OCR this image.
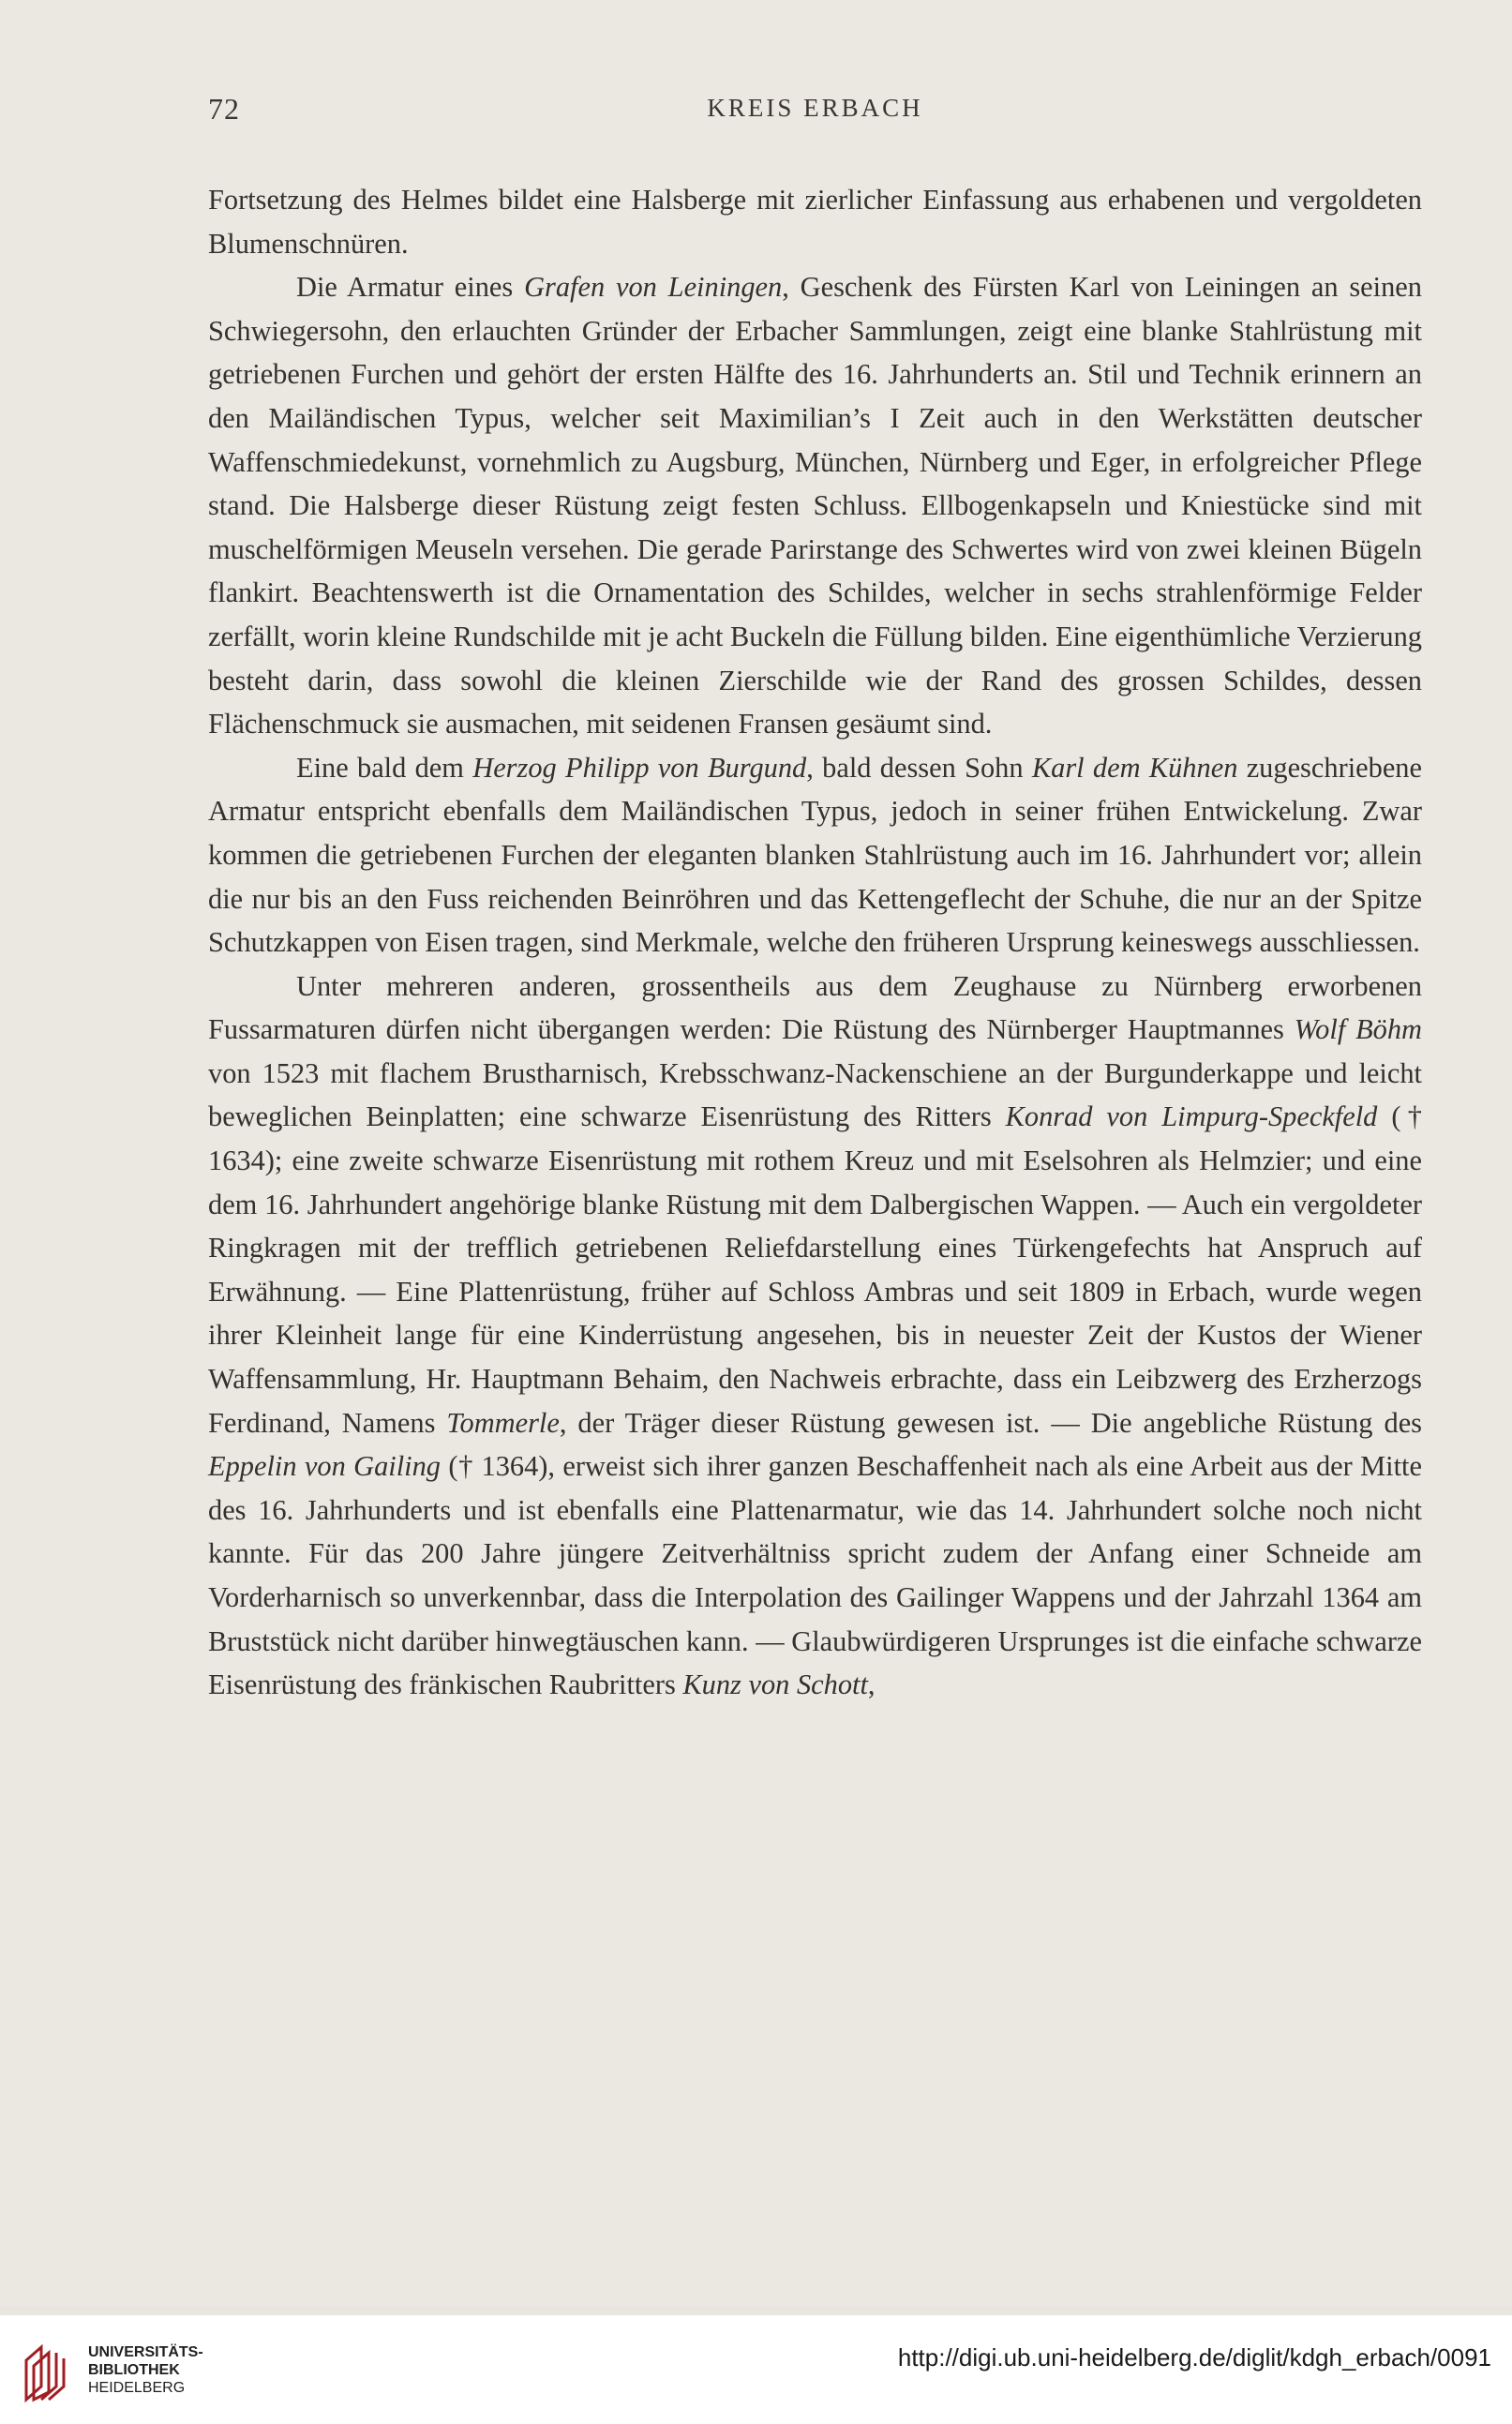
72	KREIS ERBACH

Fortsetzung des Helmes bildet eine Halsberge mit zierlicher Einfassung aus erhabenen und vergoldeten Blumenschnüren.

Die Armatur eines Grafen von Leiningen, Geschenk des Fürsten Karl von Leiningen an seinen Schwiegersohn, den erlauchten Gründer der Erbacher Sammlungen, zeigt eine blanke Stahlrüstung mit getriebenen Furchen und gehört der ersten Hälfte des 16. Jahrhunderts an. Stil und Technik erinnern an den Mailändischen Typus, welcher seit Maximilian’s I Zeit auch in den Werkstätten deutscher Waffenschmiedekunst, vornehmlich zu Augsburg, München, Nürnberg und Eger, in erfolgreicher Pflege stand. Die Halsberge dieser Rüstung zeigt festen Schluss. Ellbogenkapseln und Kniestücke sind mit muschelförmigen Meuseln versehen. Die gerade Parirstange des Schwertes wird von zwei kleinen Bügeln flankirt. Beachtenswerth ist die Ornamentation des Schildes, welcher in sechs strahlenförmige Felder zerfällt, worin kleine Rundschilde mit je acht Buckeln die Füllung bilden. Eine eigenthümliche Verzierung besteht darin, dass sowohl die kleinen Zierschilde wie der Rand des grossen Schildes, dessen Flächenschmuck sie ausmachen, mit seidenen Fransen gesäumt sind.

Eine bald dem Herzog Philipp von Burgund, bald dessen Sohn Karl dem Kühnen zugeschriebene Armatur entspricht ebenfalls dem Mailändischen Typus, jedoch in seiner frühen Entwickelung. Zwar kommen die getriebenen Furchen der eleganten blanken Stahlrüstung auch im 16. Jahrhundert vor; allein die nur bis an den Fuss reichenden Beinröhren und das Kettengeflecht der Schuhe, die nur an der Spitze Schutzkappen von Eisen tragen, sind Merkmale, welche den früheren Ursprung keineswegs ausschliessen.

Unter mehreren anderen, grossentheils aus dem Zeughause zu Nürnberg erworbenen Fussarmaturen dürfen nicht übergangen werden: Die Rüstung des Nürnberger Hauptmannes Wolf Böhm von 1523 mit flachem Brustharnisch, Krebsschwanz-Nackenschiene an der Burgunderkappe und leicht beweglichen Beinplatten; eine schwarze Eisenrüstung des Ritters Konrad von Limpurg-Speckfeld († 1634); eine zweite schwarze Eisenrüstung mit rothem Kreuz und mit Eselsohren als Helmzier; und eine dem 16. Jahrhundert angehörige blanke Rüstung mit dem Dalbergischen Wappen. — Auch ein vergoldeter Ringkragen mit der trefflich getriebenen Reliefdarstellung eines Türkengefechts hat Anspruch auf Erwähnung. — Eine Plattenrüstung, früher auf Schloss Ambras und seit 1809 in Erbach, wurde wegen ihrer Kleinheit lange für eine Kinderrüstung angesehen, bis in neuester Zeit der Kustos der Wiener Waffensammlung, Hr. Hauptmann Behaim, den Nachweis erbrachte, dass ein Leibzwerg des Erzherzogs Ferdinand, Namens Tommerle, der Träger dieser Rüstung gewesen ist. — Die angebliche Rüstung des Eppelin von Gailing († 1364), erweist sich ihrer ganzen Beschaffenheit nach als eine Arbeit aus der Mitte des 16. Jahrhunderts und ist ebenfalls eine Plattenarmatur, wie das 14. Jahrhundert solche noch nicht kannte. Für das 200 Jahre jüngere Zeitverhältniss spricht zudem der Anfang einer Schneide am Vorderharnisch so unverkennbar, dass die Interpolation des Gailinger Wappens und der Jahrzahl 1364 am Bruststück nicht darüber hinwegtäuschen kann. — Glaubwürdigeren Ursprunges ist die einfache schwarze Eisenrüstung des fränkischen Raubritters Kunz von Schott,

UNIVERSITÄTS-
BIBLIOTHEK
HEIDELBERG
http://digi.ub.uni-heidelberg.de/diglit/kdgh_erbach/0091
